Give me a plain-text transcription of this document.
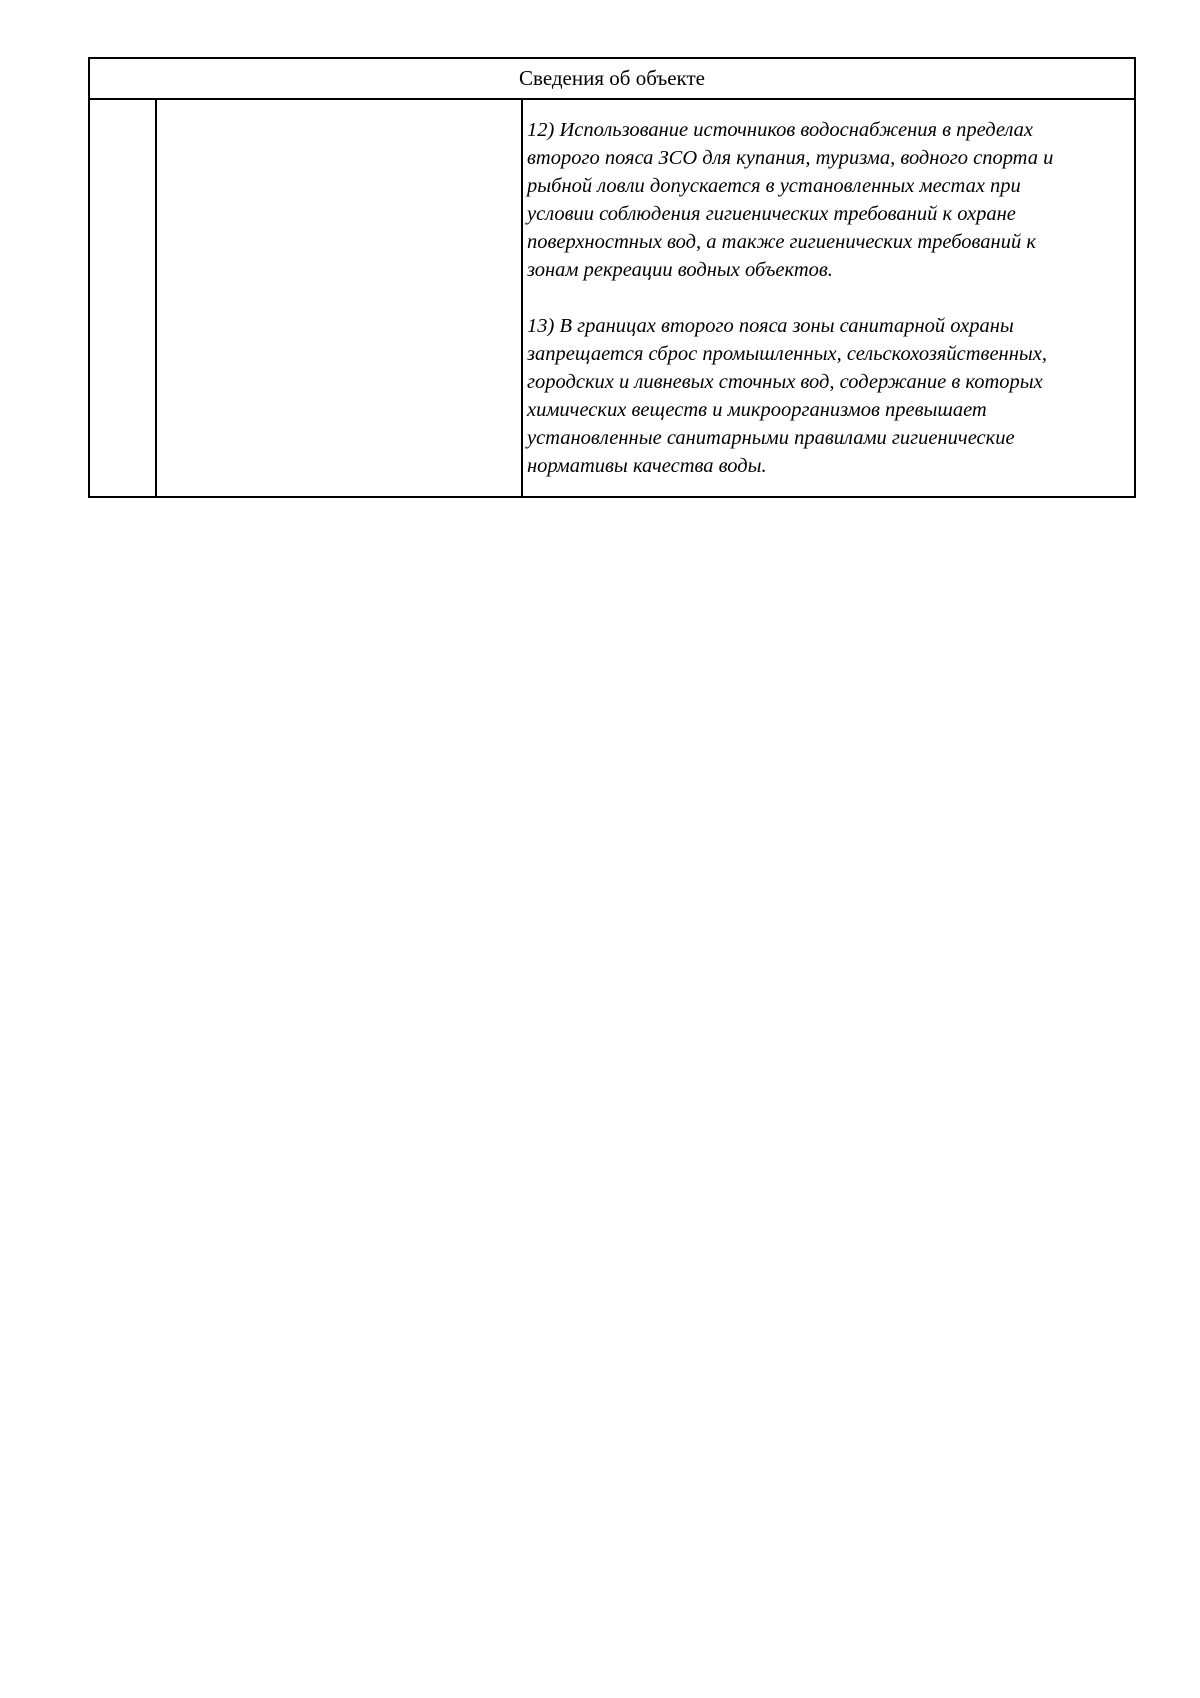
Сведения об объекте

12) Использование источников водоснабжения в пределах
второго пояса ЗСО для купания, туризма, водного спорта и
рыбной ловли допускается в установленных местах при
условии соблюдения гигиенических требований к охране
поверхностных вод, а также гигиенических требований к
зонам рекреации водных объектов.

13) В границах второго пояса зоны санитарной охраны
запрещается сброс промышленных, сельскохозяйственных,
городских и ливневых сточных вод, содержание в которых
химических веществ и микроорганизмов превышает
установленные санитарными правилами гигиенические
нормативы качества воды.
